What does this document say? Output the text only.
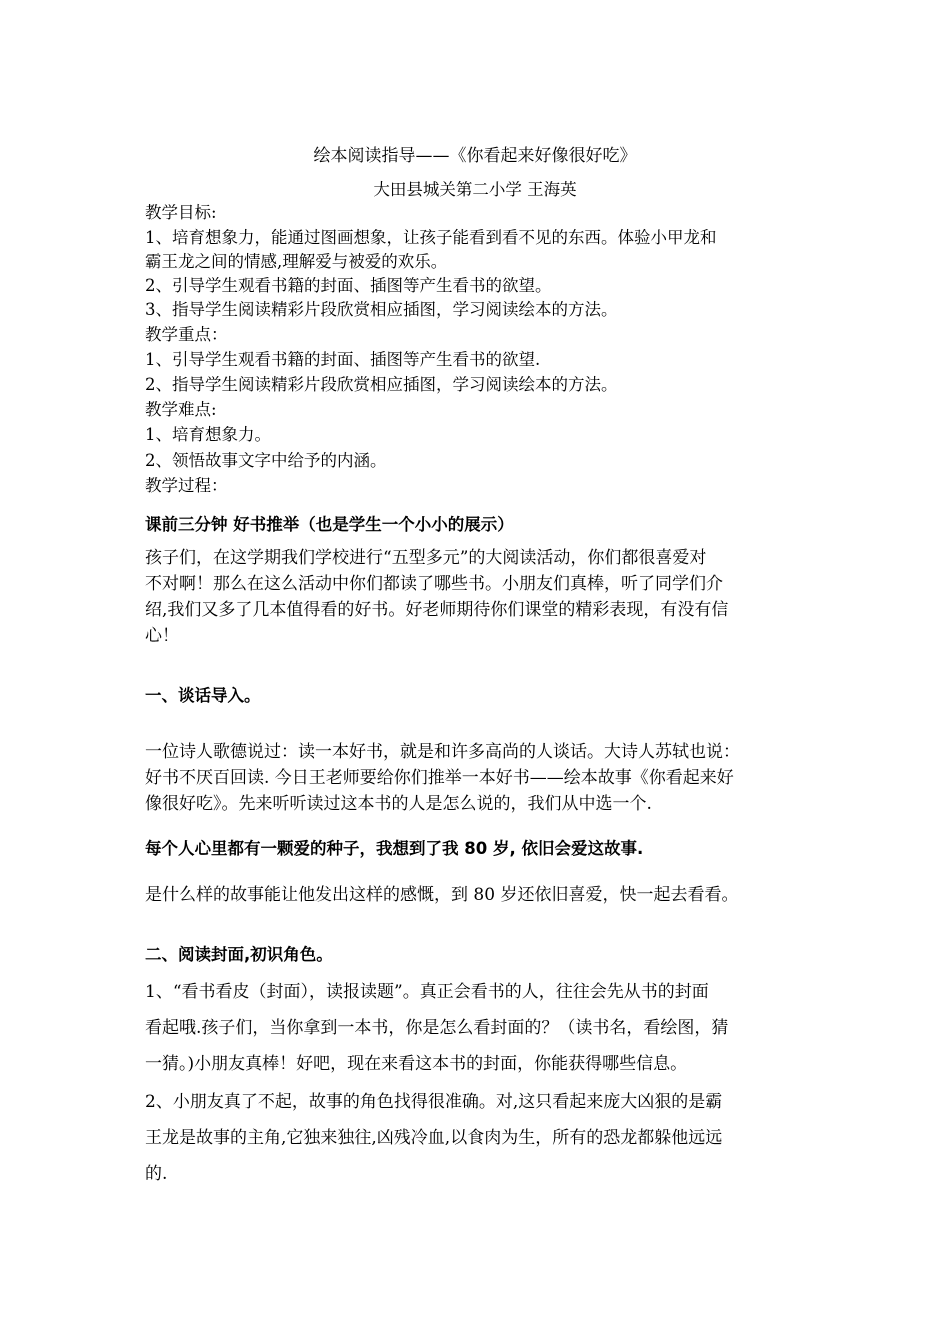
绘本阅读指导——《你看起来好像很好吃》
大田县城关第二小学 王海英
教学目标:
1、培育想象力，能通过图画想象，让孩子能看到看不见的东西。体验小甲龙和
霸王龙之间的情感,理解爱与被爱的欢乐。
2、引导学生观看书籍的封面、插图等产生看书的欲望。
3、指导学生阅读精彩片段欣赏相应插图，学习阅读绘本的方法。
教学重点：
1、引导学生观看书籍的封面、插图等产生看书的欲望.
2、指导学生阅读精彩片段欣赏相应插图，学习阅读绘本的方法。
教学难点:
1、培育想象力。
2、领悟故事文字中给予的内涵。
教学过程：
课前三分钟 好书推举（也是学生一个小小的展示）
孩子们，在这学期我们学校进行“五型多元”的大阅读活动，你们都很喜爱对
不对啊！那么在这么活动中你们都读了哪些书。小朋友们真棒，听了同学们介
绍,我们又多了几本值得看的好书。好老师期待你们课堂的精彩表现，有没有信
心！
一、谈话导入。
一位诗人歌德说过：读一本好书，就是和许多高尚的人谈话。大诗人苏轼也说：
好书不厌百回读. 今日王老师要给你们推举一本好书——绘本故事《你看起来好
像很好吃》。先来听听读过这本书的人是怎么说的，我们从中选一个.
每个人心里都有一颗爱的种子，我想到了我 80 岁, 依旧会爱这故事.
是什么样的故事能让他发出这样的感慨，到 80 岁还依旧喜爱，快一起去看看。
二、阅读封面,初识角色。
1、“看书看皮（封面），读报读题”。真正会看书的人，往往会先从书的封面
看起哦.孩子们，当你拿到一本书，你是怎么看封面的？（读书名，看绘图，猜
一猜。)小朋友真棒！好吧，现在来看这本书的封面，你能获得哪些信息。
2、小朋友真了不起，故事的角色找得很准确。对,这只看起来庞大凶狠的是霸
王龙是故事的主角,它独来独往,凶残冷血,以食肉为生，所有的恐龙都躲他远远
的.
